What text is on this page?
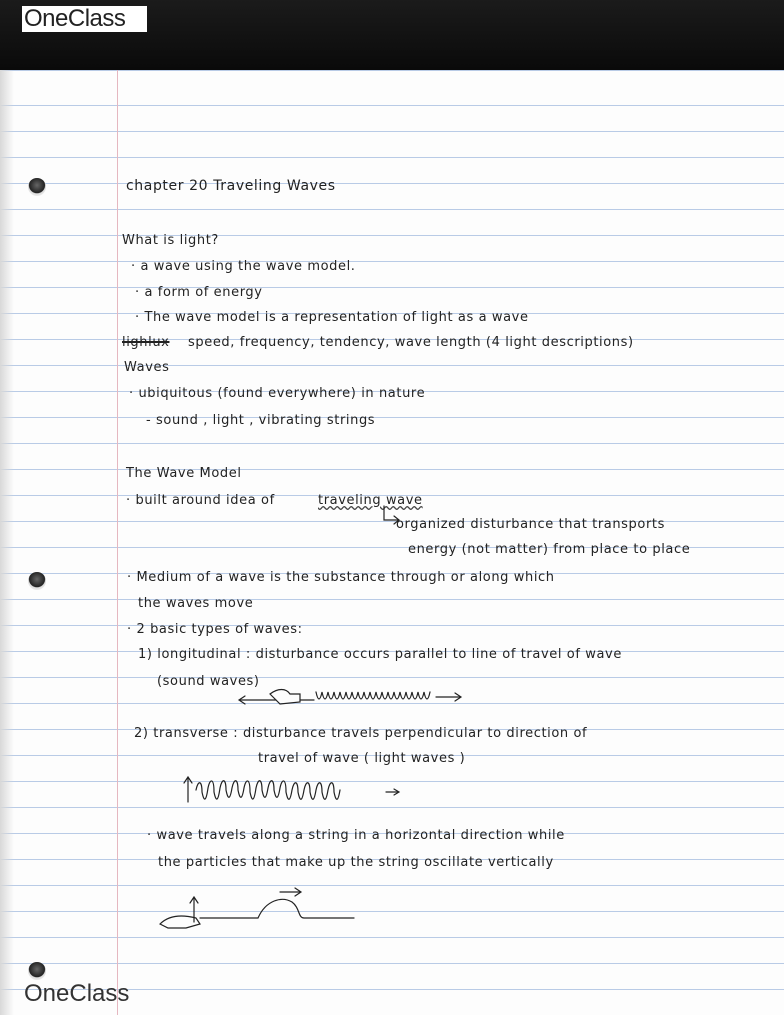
OneClass
chapter 20 Traveling Waves
What is light?
· a wave using the wave model.
· a form of energy
· The wave model is a representation of light as a wave
lighlux speed, frequency, tendency, wave length (4 light descriptions)
Waves
· ubiquitous (found everywhere) in nature
- sound , light , vibrating strings
The Wave Model
· built around idea of	traveling wave
organized disturbance that transports
energy (not matter) from place to place
· Medium of a wave is the substance through or along which
the waves move
· 2 basic types of waves:
1) longitudinal : disturbance occurs parallel to line of travel of wave
(sound waves)
2) transverse : disturbance travels perpendicular to direction of
travel of wave ( light waves )
· wave travels along a string in a horizontal direction while
the particles that make up the string oscillate vertically
OneClass
